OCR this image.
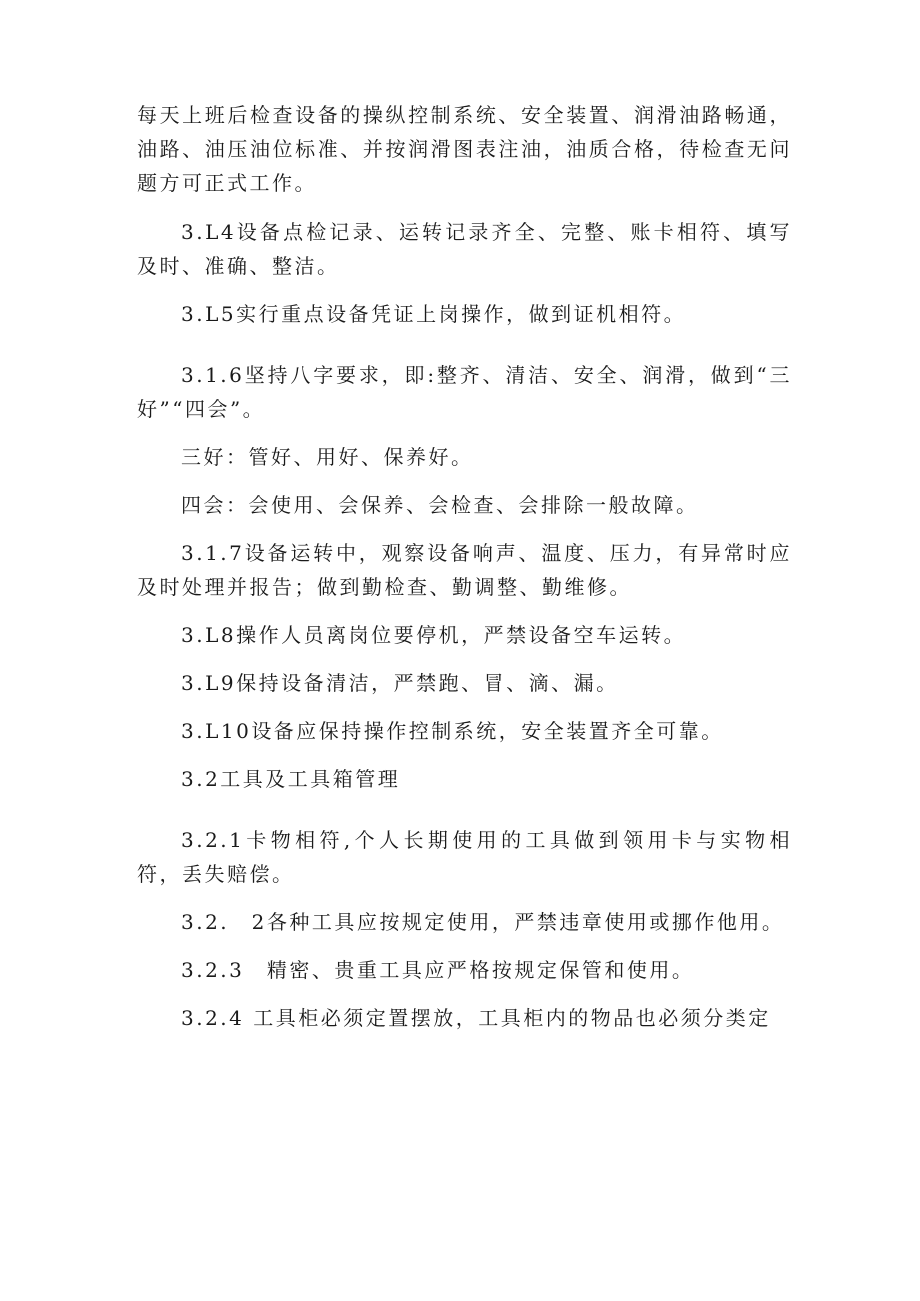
每天上班后检查设备的操纵控制系统、安全装置、润滑油路畅通，油路、油压油位标准、并按润滑图表注油，油质合格，待检查无问题方可正式工作。

3.L4设备点检记录、运转记录齐全、完整、账卡相符、填写及时、准确、整洁。

3.L5实行重点设备凭证上岗操作，做到证机相符。

3.1.6坚持八字要求，即:整齐、清洁、安全、润滑，做到“三好”“四会”。

三好：管好、用好、保养好。

四会：会使用、会保养、会检查、会排除一般故障。

3.1.7设备运转中，观察设备响声、温度、压力，有异常时应及时处理并报告；做到勤检查、勤调整、勤维修。

3.L8操作人员离岗位要停机，严禁设备空车运转。

3.L9保持设备清洁，严禁跑、冒、滴、漏。

3.L10设备应保持操作控制系统，安全装置齐全可靠。

3.2工具及工具箱管理

3.2.1卡物相符,个人长期使用的工具做到领用卡与实物相符，丢失赔偿。

3.2.　2各种工具应按规定使用，严禁违章使用或挪作他用。

3.2.3　精密、贵重工具应严格按规定保管和使用。

3.2.4 工具柜必须定置摆放，工具柜内的物品也必须分类定
